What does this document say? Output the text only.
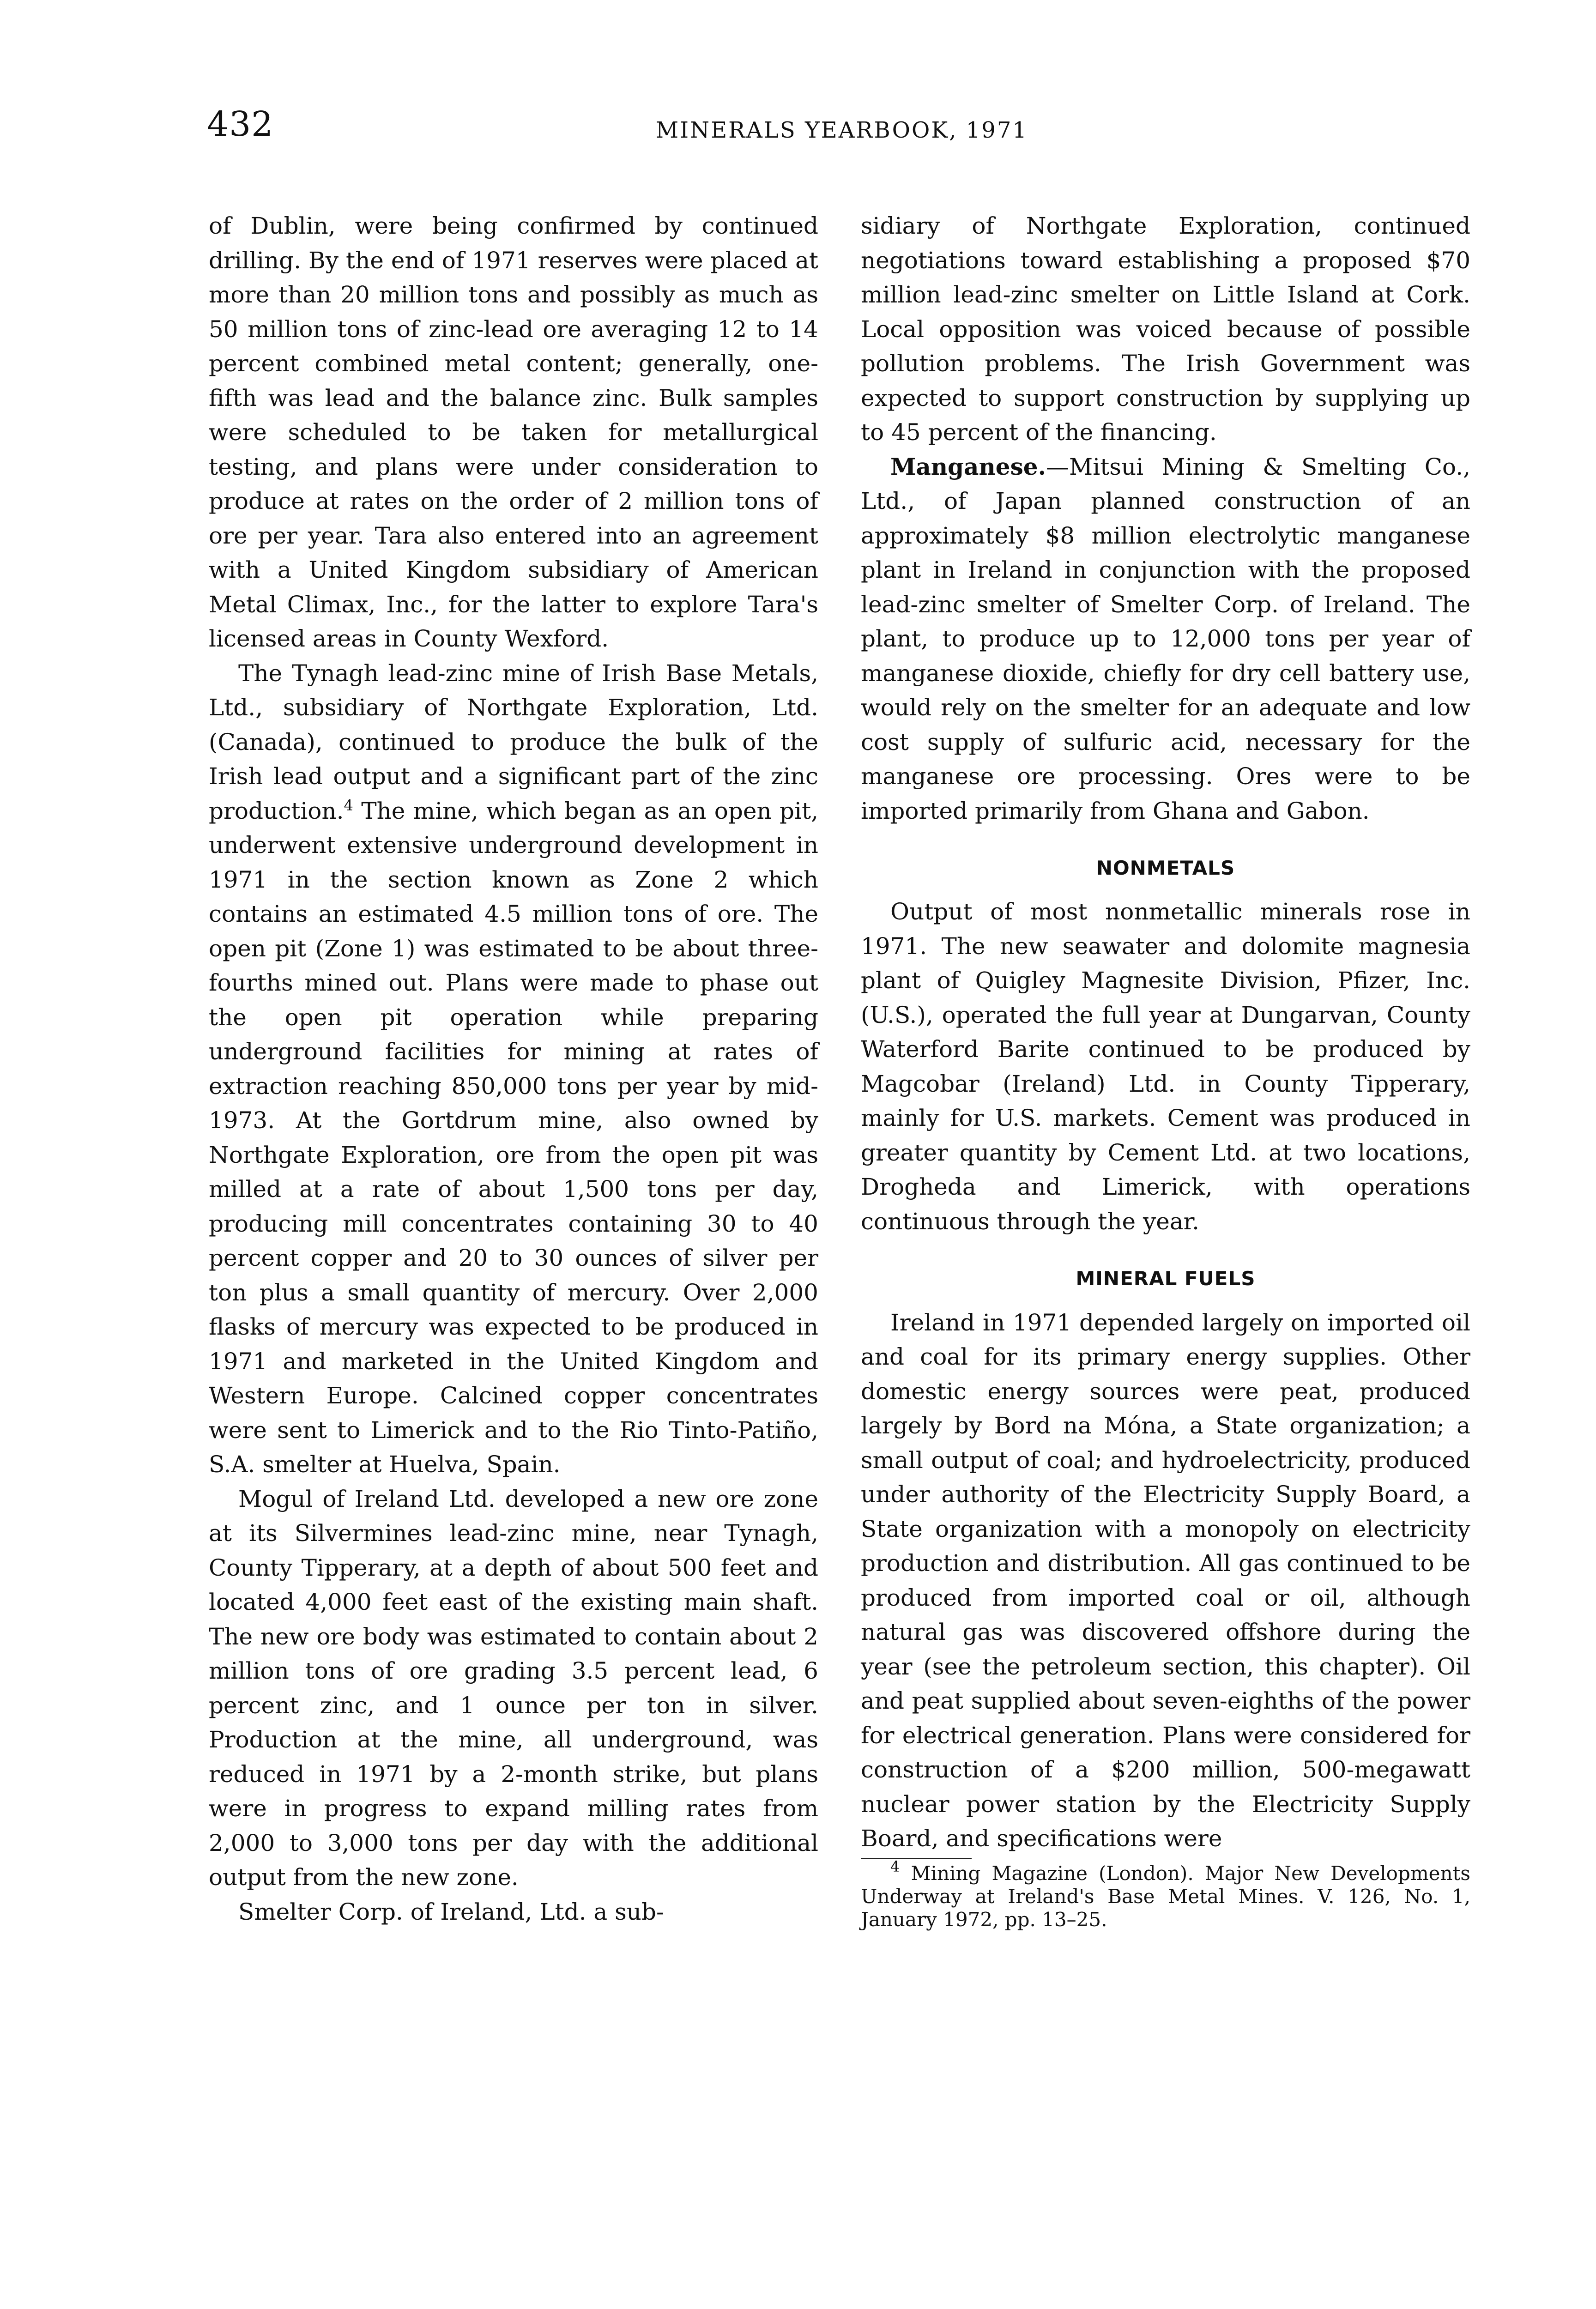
432	MINERALS YEARBOOK, 1971

of Dublin, were being confirmed by continued drilling. By the end of 1971 reserves were placed at more than 20 million tons and possibly as much as 50 million tons of zinc-lead ore averaging 12 to 14 percent combined metal content; generally, one-fifth was lead and the balance zinc. Bulk samples were scheduled to be taken for metallurgical testing, and plans were under consideration to produce at rates on the order of 2 million tons of ore per year. Tara also entered into an agreement with a United Kingdom subsidiary of American Metal Climax, Inc., for the latter to explore Tara's licensed areas in County Wexford.

The Tynagh lead-zinc mine of Irish Base Metals, Ltd., subsidiary of Northgate Exploration, Ltd. (Canada), continued to produce the bulk of the Irish lead output and a significant part of the zinc production.$^4$ The mine, which began as an open pit, underwent extensive underground development in 1971 in the section known as Zone 2 which contains an estimated 4.5 million tons of ore. The open pit (Zone 1) was estimated to be about three-fourths mined out. Plans were made to phase out the open pit operation while preparing underground facilities for mining at rates of extraction reaching 850,000 tons per year by mid-1973. At the Gortdrum mine, also owned by Northgate Exploration, ore from the open pit was milled at a rate of about 1,500 tons per day, producing mill concentrates containing 30 to 40 percent copper and 20 to 30 ounces of silver per ton plus a small quantity of mercury. Over 2,000 flasks of mercury was expected to be produced in 1971 and marketed in the United Kingdom and Western Europe. Calcined copper concentrates were sent to Limerick and to the Rio Tinto-Patiño, S.A. smelter at Huelva, Spain.

Mogul of Ireland Ltd. developed a new ore zone at its Silvermines lead-zinc mine, near Tynagh, County Tipperary, at a depth of about 500 feet and located 4,000 feet east of the existing main shaft. The new ore body was estimated to contain about 2 million tons of ore grading 3.5 percent lead, 6 percent zinc, and 1 ounce per ton in silver. Production at the mine, all underground, was reduced in 1971 by a 2-month strike, but plans were in progress to expand milling rates from 2,000 to 3,000 tons per day with the additional output from the new zone.

Smelter Corp. of Ireland, Ltd. a sub-

sidiary of Northgate Exploration, continued negotiations toward establishing a proposed $70 million lead-zinc smelter on Little Island at Cork. Local opposition was voiced because of possible pollution problems. The Irish Government was expected to support construction by supplying up to 45 percent of the financing.

Manganese.—Mitsui Mining & Smelting Co., Ltd., of Japan planned construction of an approximately $8 million electrolytic manganese plant in Ireland in conjunction with the proposed lead-zinc smelter of Smelter Corp. of Ireland. The plant, to produce up to 12,000 tons per year of manganese dioxide, chiefly for dry cell battery use, would rely on the smelter for an adequate and low cost supply of sulfuric acid, necessary for the manganese ore processing. Ores were to be imported primarily from Ghana and Gabon.

NONMETALS

Output of most nonmetallic minerals rose in 1971. The new seawater and dolomite magnesia plant of Quigley Magnesite Division, Pfizer, Inc. (U.S.), operated the full year at Dungarvan, County Waterford Barite continued to be produced by Magcobar (Ireland) Ltd. in County Tipperary, mainly for U.S. markets. Cement was produced in greater quantity by Cement Ltd. at two locations, Drogheda and Limerick, with operations continuous through the year.

MINERAL FUELS

Ireland in 1971 depended largely on imported oil and coal for its primary energy supplies. Other domestic energy sources were peat, produced largely by Bord na Móna, a State organization; a small output of coal; and hydroelectricity, produced under authority of the Electricity Supply Board, a State organization with a monopoly on electricity production and distribution. All gas continued to be produced from imported coal or oil, although natural gas was discovered offshore during the year (see the petroleum section, this chapter). Oil and peat supplied about seven-eighths of the power for electrical generation. Plans were considered for construction of a $200 million, 500-megawatt nuclear power station by the Electricity Supply Board, and specifications were

$^4$ Mining Magazine (London). Major New Developments Underway at Ireland's Base Metal Mines. V. 126, No. 1, January 1972, pp. 13–25.
